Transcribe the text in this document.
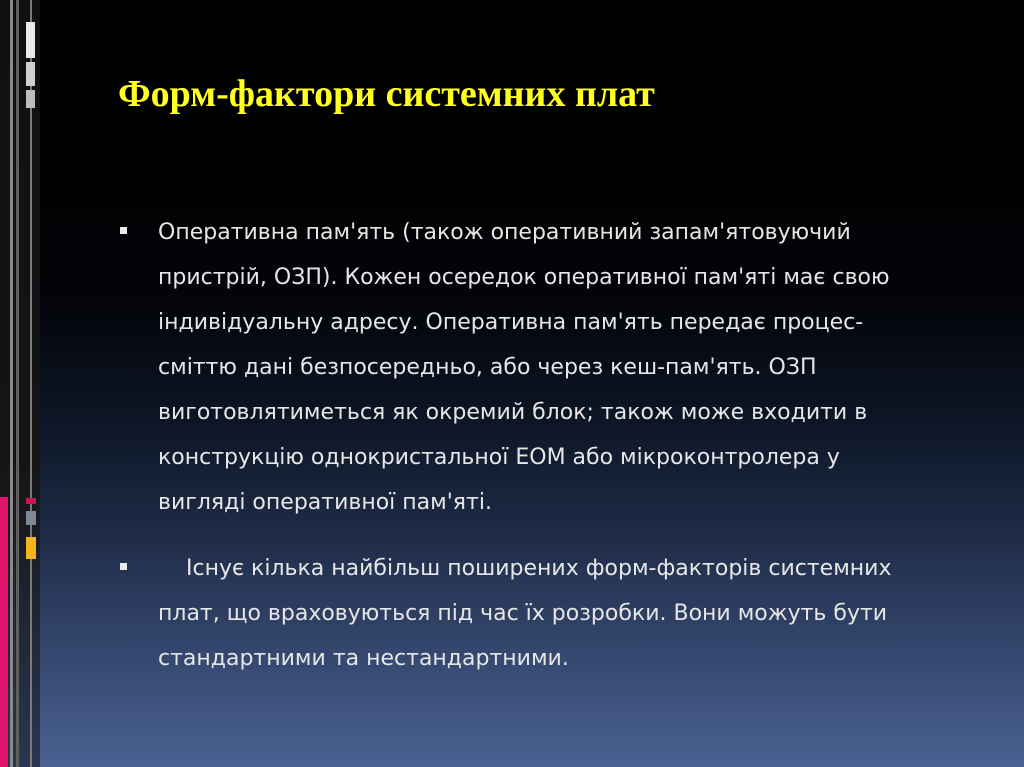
Форм-фактори системних плат
Оперативна пам'ять (також оперативний запам'ятовуючий пристрій, ОЗП). Кожен осередок оперативної пам'яті має свою індивідуальну адресу. Оперативна пам'ять передає процес-сміттю дані безпосередньо, або через кеш-пам'ять. ОЗП виготовлятиметься як окремий блок; також може входити в конструкцію однокристальної ЕОМ або мікроконтролера у вигляді оперативної пам'яті.
Існує кілька найбільш поширених форм-факторів системних плат, що враховуються під час їх розробки. Вони можуть бути стандартними та нестандартними.
